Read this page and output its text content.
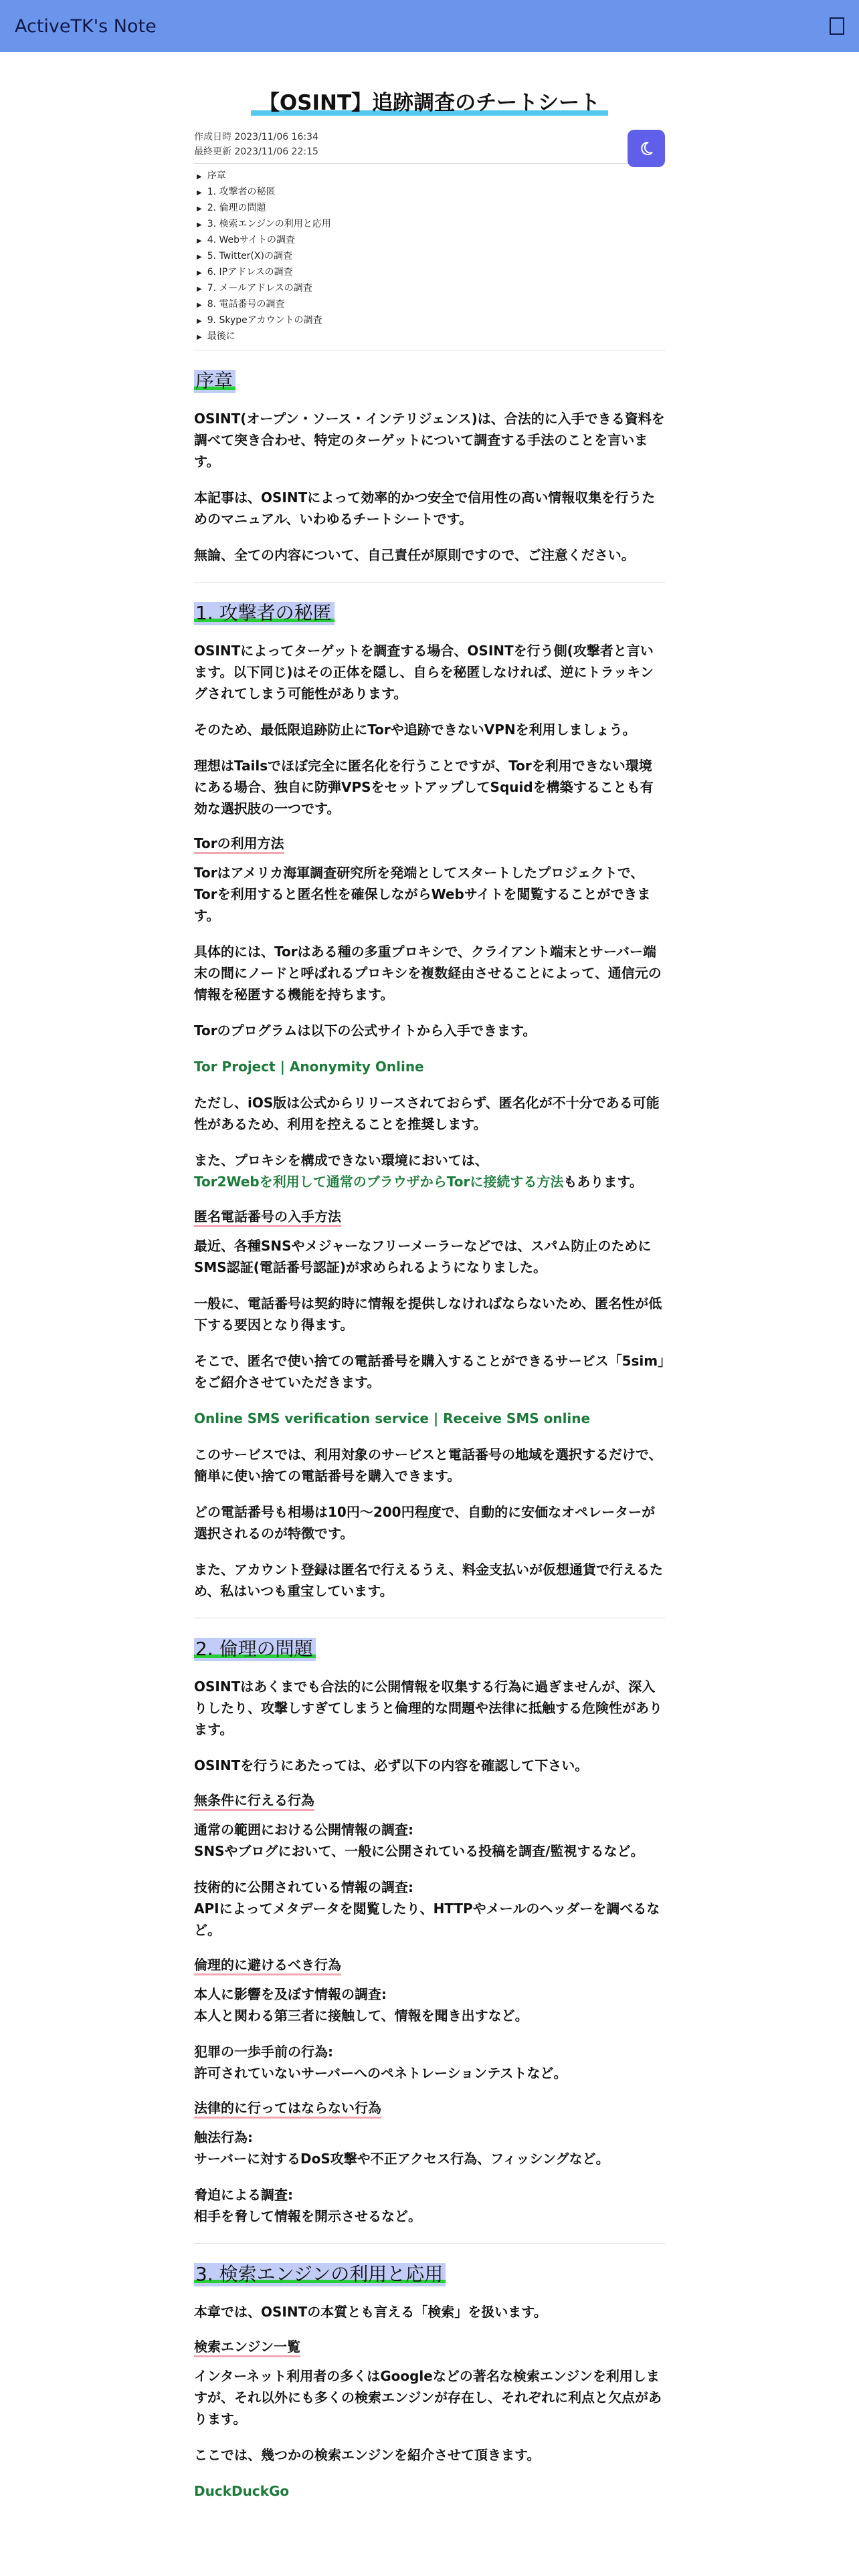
ActiveTK's Note
【OSINT】追跡調査のチートシート
作成日時 2023/11/06 16:34
最終更新 2023/11/06 22:15
▶ 序章
▶ 1. 攻撃者の秘匿
▶ 2. 倫理の問題
▶ 3. 検索エンジンの利用と応用
▶ 4. Webサイトの調査
▶ 5. Twitter(X)の調査
▶ 6. IPアドレスの調査
▶ 7. メールアドレスの調査
▶ 8. 電話番号の調査
▶ 9. Skypeアカウントの調査
▶ 最後に
序章

OSINT(オープン・ソース・インテリジェンス)は、合法的に入手できる資料を調べて突き合わせ、特定のターゲットについて調査する手法のことを言います。

本記事は、OSINTによって効率的かつ安全で信用性の高い情報収集を行うためのマニュアル、いわゆるチートシートです。

無論、全ての内容について、自己責任が原則ですので、ご注意ください。

1. 攻撃者の秘匿

OSINTによってターゲットを調査する場合、OSINTを行う側(攻撃者と言います。以下同じ)はその正体を隠し、自らを秘匿しなければ、逆にトラッキングされてしまう可能性があります。

そのため、最低限追跡防止にTorや追跡できないVPNを利用しましょう。

理想はTailsでほぼ完全に匿名化を行うことですが、Torを利用できない環境にある場合、独自に防弾VPSをセットアップしてSquidを構築することも有効な選択肢の一つです。

Torの利用方法

Torはアメリカ海軍調査研究所を発端としてスタートしたプロジェクトで、Torを利用すると匿名性を確保しながらWebサイトを閲覧することができます。

具体的には、Torはある種の多重プロキシで、クライアント端末とサーバー端末の間にノードと呼ばれるプロキシを複数経由させることによって、通信元の情報を秘匿する機能を持ちます。

Torのプログラムは以下の公式サイトから入手できます。

Tor Project | Anonymity Online

ただし、iOS版は公式からリリースされておらず、匿名化が不十分である可能性があるため、利用を控えることを推奨します。

また、プロキシを構成できない環境においては、
Tor2Webを利用して通常のブラウザからTorに接続する方法もあります。

匿名電話番号の入手方法

最近、各種SNSやメジャーなフリーメーラーなどでは、スパム防止のためにSMS認証(電話番号認証)が求められるようになりました。

一般に、電話番号は契約時に情報を提供しなければならないため、匿名性が低下する要因となり得ます。

そこで、匿名で使い捨ての電話番号を購入することができるサービス「5sim」をご紹介させていただきます。

Online SMS verification service | Receive SMS online

このサービスでは、利用対象のサービスと電話番号の地域を選択するだけで、簡単に使い捨ての電話番号を購入できます。

どの電話番号も相場は10円〜200円程度で、自動的に安価なオペレーターが選択されるのが特徴です。

また、アカウント登録は匿名で行えるうえ、料金支払いが仮想通貨で行えるため、私はいつも重宝しています。

2. 倫理の問題

OSINTはあくまでも合法的に公開情報を収集する行為に過ぎませんが、深入りしたり、攻撃しすぎてしまうと倫理的な問題や法律に抵触する危険性があります。

OSINTを行うにあたっては、必ず以下の内容を確認して下さい。

無条件に行える行為

通常の範囲における公開情報の調査:
SNSやブログにおいて、一般に公開されている投稿を調査/監視するなど。

技術的に公開されている情報の調査:
APIによってメタデータを閲覧したり、HTTPやメールのヘッダーを調べるなど。

倫理的に避けるべき行為

本人に影響を及ぼす情報の調査:
本人と関わる第三者に接触して、情報を聞き出すなど。

犯罪の一歩手前の行為:
許可されていないサーバーへのペネトレーションテストなど。

法律的に行ってはならない行為

触法行為:
サーバーに対するDoS攻撃や不正アクセス行為、フィッシングなど。

脅迫による調査:
相手を脅して情報を開示させるなど。

3. 検索エンジンの利用と応用

本章では、OSINTの本質とも言える「検索」を扱います。

検索エンジン一覧

インターネット利用者の多くはGoogleなどの著名な検索エンジンを利用しますが、それ以外にも多くの検索エンジンが存在し、それぞれに利点と欠点があります。

ここでは、幾つかの検索エンジンを紹介させて頂きます。

DuckDuckGo
